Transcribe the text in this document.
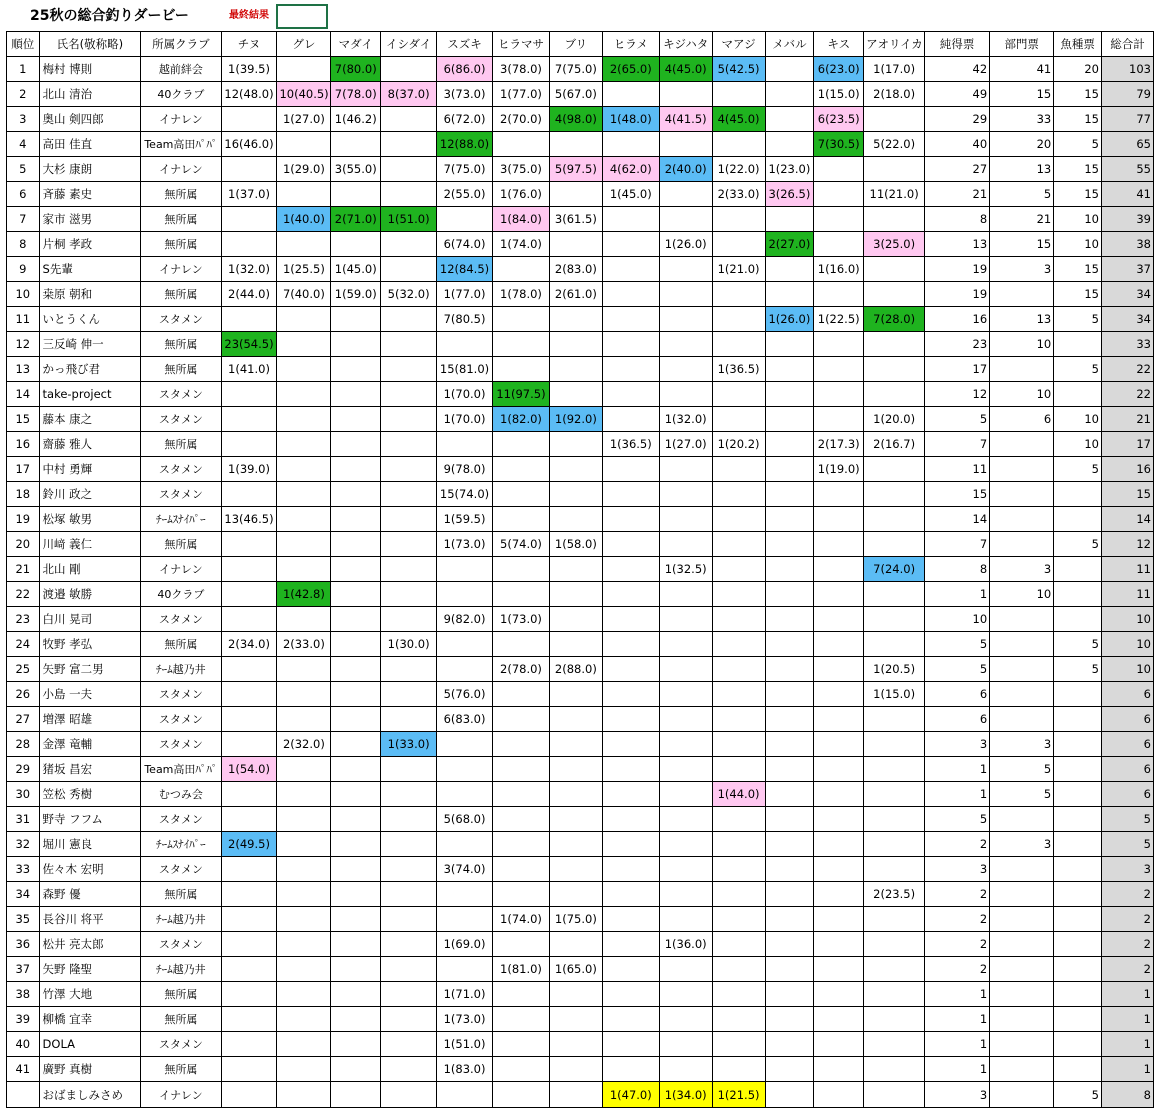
25秋の総合釣りダービー	最終結果
順位	氏名(敬称略)	所属クラブ	チヌ	グレ	マダイ	イシダイ	スズキ	ヒラマサ	ブリ	ヒラメ	キジハタ	マアジ	メバル	キス	アオリイカ	純得票	部門票	魚種票	総合計
1	梅村 博則	越前絆会	1(39.5)		7(80.0)		6(86.0)	3(78.0)	7(75.0)	2(65.0)	4(45.0)	5(42.5)		6(23.0)	1(17.0)	42	41	20	103
2	北山 清治	40クラブ	12(48.0)	10(40.5)	7(78.0)	8(37.0)	3(73.0)	1(77.0)	5(67.0)					1(15.0)	2(18.0)	49	15	15	79
3	奥山 剣四郎	イナレン		1(27.0)	1(46.2)		6(72.0)	2(70.0)	4(98.0)	1(48.0)	4(41.5)	4(45.0)		6(23.5)		29	33	15	77
4	高田 佳直	Team高田ﾊﾟﾊﾟ	16(46.0)				12(88.0)							7(30.5)	5(22.0)	40	20	5	65
5	大杉 康朗	イナレン		1(29.0)	3(55.0)		7(75.0)	3(75.0)	5(97.5)	4(62.0)	2(40.0)	1(22.0)	1(23.0)			27	13	15	55
6	斉藤 素史	無所属	1(37.0)				2(55.0)	1(76.0)		1(45.0)		2(33.0)	3(26.5)		11(21.0)	21	5	15	41
7	家市 滋男	無所属		1(40.0)	2(71.0)	1(51.0)		1(84.0)	3(61.5)							8	21	10	39
8	片桐 孝政	無所属					6(74.0)	1(74.0)			1(26.0)		2(27.0)		3(25.0)	13	15	10	38
9	S先輩	イナレン	1(32.0)	1(25.5)	1(45.0)		12(84.5)		2(83.0)			1(21.0)		1(16.0)		19	3	15	37
10	桒原 朝和	無所属	2(44.0)	7(40.0)	1(59.0)	5(32.0)	1(77.0)	1(78.0)	2(61.0)							19		15	34
11	いとうくん	スタメン					7(80.5)						1(26.0)	1(22.5)	7(28.0)	16	13	5	34
12	三反崎 伸一	無所属	23(54.5)													23	10		33
13	かっ飛び君	無所属	1(41.0)				15(81.0)					1(36.5)				17		5	22
14	take-project	スタメン					1(70.0)	11(97.5)								12	10		22
15	藤本 康之	スタメン					1(70.0)	1(82.0)	1(92.0)		1(32.0)				1(20.0)	5	6	10	21
16	齋藤 雅人	無所属								1(36.5)	1(27.0)	1(20.2)		2(17.3)	2(16.7)	7		10	17
17	中村 勇輝	スタメン	1(39.0)				9(78.0)							1(19.0)		11		5	16
18	鈴川 政之	スタメン					15(74.0)									15			15
19	松塚 敏男	ﾁｰﾑｽﾅｲﾊﾟｰ	13(46.5)				1(59.5)									14			14
20	川﨑 義仁	無所属					1(73.0)	5(74.0)	1(58.0)							7		5	12
21	北山 剛	イナレン									1(32.5)				7(24.0)	8	3		11
22	渡邉 敏勝	40クラブ		1(42.8)												1	10		11
23	白川 晃司	スタメン					9(82.0)	1(73.0)								10			10
24	牧野 孝弘	無所属	2(34.0)	2(33.0)		1(30.0)										5		5	10
25	矢野 富二男	ﾁｰﾑ越乃井						2(78.0)	2(88.0)						1(20.5)	5		5	10
26	小島 一夫	スタメン					5(76.0)								1(15.0)	6			6
27	増澤 昭雄	スタメン					6(83.0)									6			6
28	金澤 竜輔	スタメン		2(32.0)		1(33.0)										3	3		6
29	猪坂 昌宏	Team高田ﾊﾟﾊﾟ	1(54.0)													1	5		6
30	笠松 秀樹	むつみ会										1(44.0)				1	5		6
31	野寺 フフム	スタメン					5(68.0)									5			5
32	堀川 憲良	ﾁｰﾑｽﾅｲﾊﾟｰ	2(49.5)													2	3		5
33	佐々木 宏明	スタメン					3(74.0)									3			3
34	森野 優	無所属													2(23.5)	2			2
35	長谷川 将平	ﾁｰﾑ越乃井						1(74.0)	1(75.0)							2			2
36	松井 亮太郎	スタメン					1(69.0)				1(36.0)					2			2
37	矢野 隆聖	ﾁｰﾑ越乃井						1(81.0)	1(65.0)							2			2
38	竹澤 大地	無所属					1(71.0)									1			1
39	柳橋 宜幸	無所属					1(73.0)									1			1
40	DOLA	スタメン					1(51.0)									1			1
41	廣野 真樹	無所属					1(83.0)									1			1
	おばましみさめ	イナレン								1(47.0)	1(34.0)	1(21.5)				3		5	8
